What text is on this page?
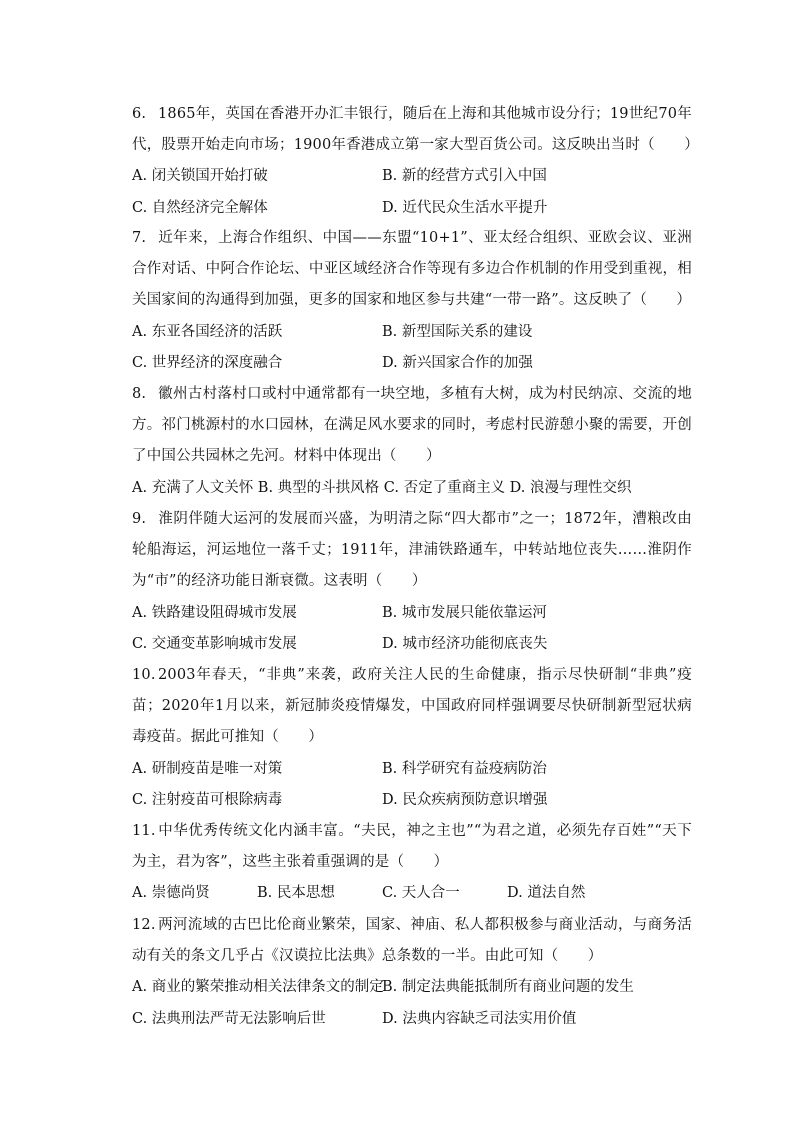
6. 1865年，英国在香港开办汇丰银行，随后在上海和其他城市设分行；19世纪70年代，股票开始走向市场；1900年香港成立第一家大型百货公司。这反映出当时（　　）

A. 闭关锁国开始打破	B. 新的经营方式引入中国
C. 自然经济完全解体	D. 近代民众生活水平提升

7. 近年来，上海合作组织、中国——东盟“10+1”、亚太经合组织、亚欧会议、亚洲合作对话、中阿合作论坛、中亚区域经济合作等现有多边合作机制的作用受到重视，相关国家间的沟通得到加强，更多的国家和地区参与共建“一带一路”。这反映了（　　）

A. 东亚各国经济的活跃	B. 新型国际关系的建设
C. 世界经济的深度融合	D. 新兴国家合作的加强

8. 徽州古村落村口或村中通常都有一块空地，多植有大树，成为村民纳凉、交流的地方。祁门桃源村的水口园林，在满足风水要求的同时，考虑村民游憩小聚的需要，开创了中国公共园林之先河。材料中体现出（　　）

A. 充满了人文关怀 B. 典型的斗拱风格 C. 否定了重商主义 D. 浪漫与理性交织

9. 淮阴伴随大运河的发展而兴盛，为明清之际“四大都市”之一；1872年，漕粮改由轮船海运，河运地位一落千丈；1911年，津浦铁路通车，中转站地位丧失……淮阴作为“市”的经济功能日渐衰微。这表明（　　）

A. 铁路建设阻碍城市发展	B. 城市发展只能依靠运河
C. 交通变革影响城市发展	D. 城市经济功能彻底丧失

10. 2003年春天，“非典”来袭，政府关注人民的生命健康，指示尽快研制“非典”疫苗；2020年1月以来，新冠肺炎疫情爆发，中国政府同样强调要尽快研制新型冠状病毒疫苗。据此可推知（　　）

A. 研制疫苗是唯一对策	B. 科学研究有益疫病防治
C. 注射疫苗可根除病毒	D. 民众疾病预防意识增强

11. 中华优秀传统文化内涵丰富。“夫民，神之主也”“为君之道，必须先存百姓”“天下为主，君为客”，这些主张着重强调的是（　　）

A. 崇德尚贤	B. 民本思想	C. 天人合一	D. 道法自然

12. 两河流域的古巴比伦商业繁荣，国家、神庙、私人都积极参与商业活动，与商务活动有关的条文几乎占《汉谟拉比法典》总条数的一半。由此可知（　　）

A. 商业的繁荣推动相关法律条文的制定
B. 制定法典能抵制所有商业问题的发生
C. 法典刑法严苛无法影响后世	D. 法典内容缺乏司法实用价值
